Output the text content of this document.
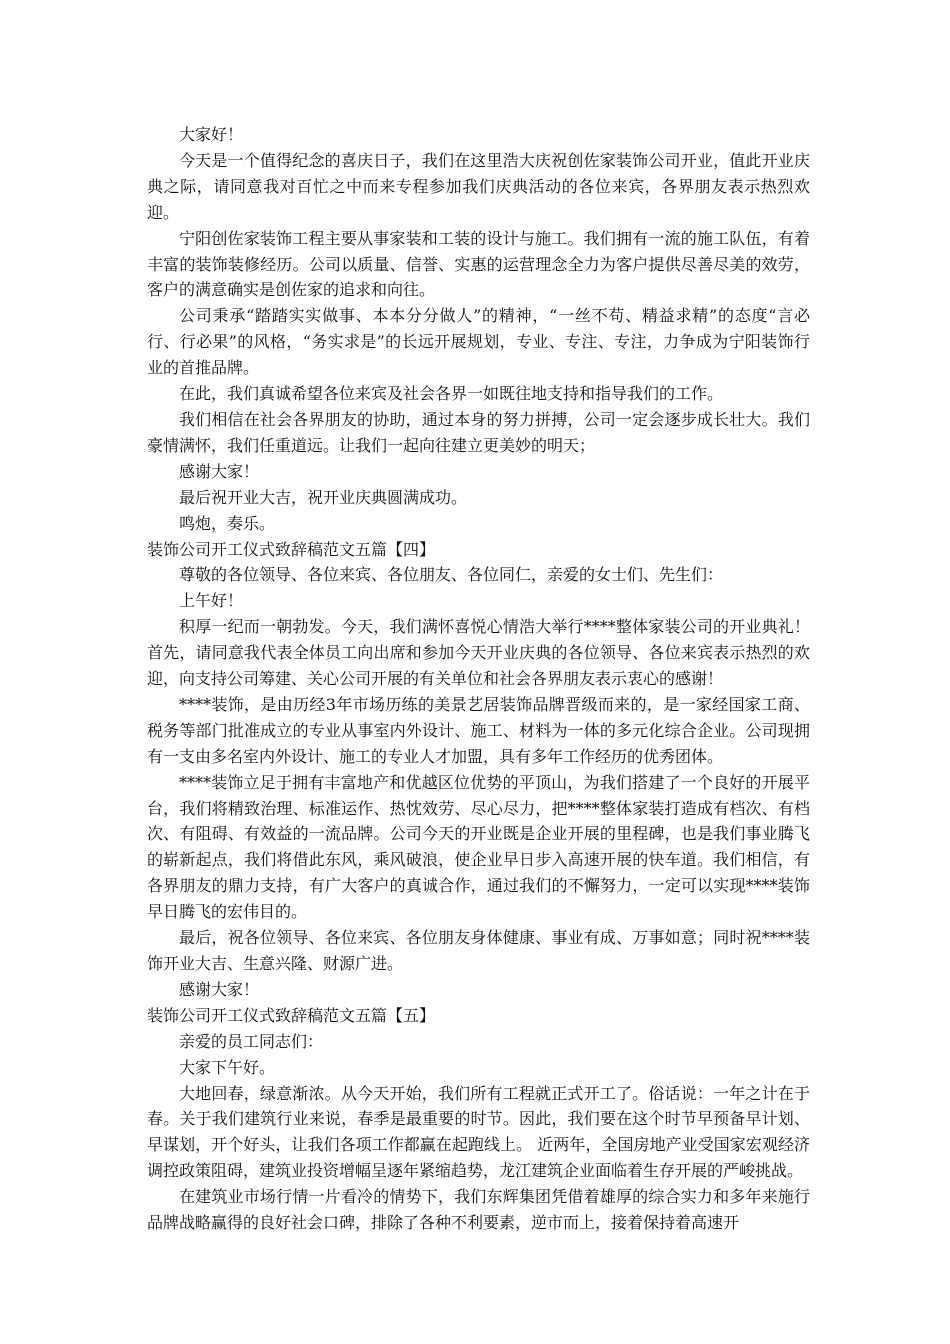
大家好！

今天是一个值得纪念的喜庆日子，我们在这里浩大庆祝创佐家装饰公司开业，值此开业庆典之际，请同意我对百忙之中而来专程参加我们庆典活动的各位来宾，各界朋友表示热烈欢迎。

宁阳创佐家装饰工程主要从事家装和工装的设计与施工。我们拥有一流的施工队伍，有着丰富的装饰装修经历。公司以质量、信誉、实惠的运营理念全力为客户提供尽善尽美的效劳，客户的满意确实是创佐家的追求和向往。

公司秉承“踏踏实实做事、本本分分做人”的精神，“一丝不苟、精益求精”的态度“言必行、行必果”的风格，“务实求是”的长远开展规划，专业、专注、专注，力争成为宁阳装饰行业的首推品牌。

在此，我们真诚希望各位来宾及社会各界一如既往地支持和指导我们的工作。

我们相信在社会各界朋友的协助，通过本身的努力拼搏，公司一定会逐步成长壮大。我们豪情满怀，我们任重道远。让我们一起向往建立更美妙的明天；

感谢大家！

最后祝开业大吉，祝开业庆典圆满成功。

鸣炮，奏乐。

装饰公司开工仪式致辞稿范文五篇【四】

尊敬的各位领导、各位来宾、各位朋友、各位同仁，亲爱的女士们、先生们：

上午好！

积厚一纪而一朝勃发。今天，我们满怀喜悦心情浩大举行****整体家装公司的开业典礼！首先，请同意我代表全体员工向出席和参加今天开业庆典的各位领导、各位来宾表示热烈的欢迎，向支持公司筹建、关心公司开展的有关单位和社会各界朋友表示衷心的感谢！

****装饰，是由历经3年市场历练的美景艺居装饰品牌晋级而来的，是一家经国家工商、税务等部门批准成立的专业从事室内外设计、施工、材料为一体的多元化综合企业。公司现拥有一支由多名室内外设计、施工的专业人才加盟，具有多年工作经历的优秀团体。

****装饰立足于拥有丰富地产和优越区位优势的平顶山，为我们搭建了一个良好的开展平台，我们将精致治理、标准运作、热忱效劳、尽心尽力，把****整体家装打造成有档次、有档次、有阻碍、有效益的一流品牌。公司今天的开业既是企业开展的里程碑，也是我们事业腾飞的崭新起点，我们将借此东风，乘风破浪，使企业早日步入高速开展的快车道。我们相信，有各界朋友的鼎力支持，有广大客户的真诚合作，通过我们的不懈努力，一定可以实现****装饰早日腾飞的宏伟目的。

最后，祝各位领导、各位来宾、各位朋友身体健康、事业有成、万事如意；同时祝****装饰开业大吉、生意兴隆、财源广进。

感谢大家！

装饰公司开工仪式致辞稿范文五篇【五】

亲爱的员工同志们：

大家下午好。

大地回春，绿意渐浓。从今天开始，我们所有工程就正式开工了。俗话说：一年之计在于春。关于我们建筑行业来说，春季是最重要的时节。因此，我们要在这个时节早预备早计划、早谋划，开个好头，让我们各项工作都赢在起跑线上。 近两年，全国房地产业受国家宏观经济调控政策阻碍，建筑业投资增幅呈逐年紧缩趋势，龙江建筑企业面临着生存开展的严峻挑战。

在建筑业市场行情一片看冷的情势下，我们东辉集团凭借着雄厚的综合实力和多年来施行品牌战略赢得的良好社会口碑，排除了各种不利要素，逆市而上，接着保持着高速开
